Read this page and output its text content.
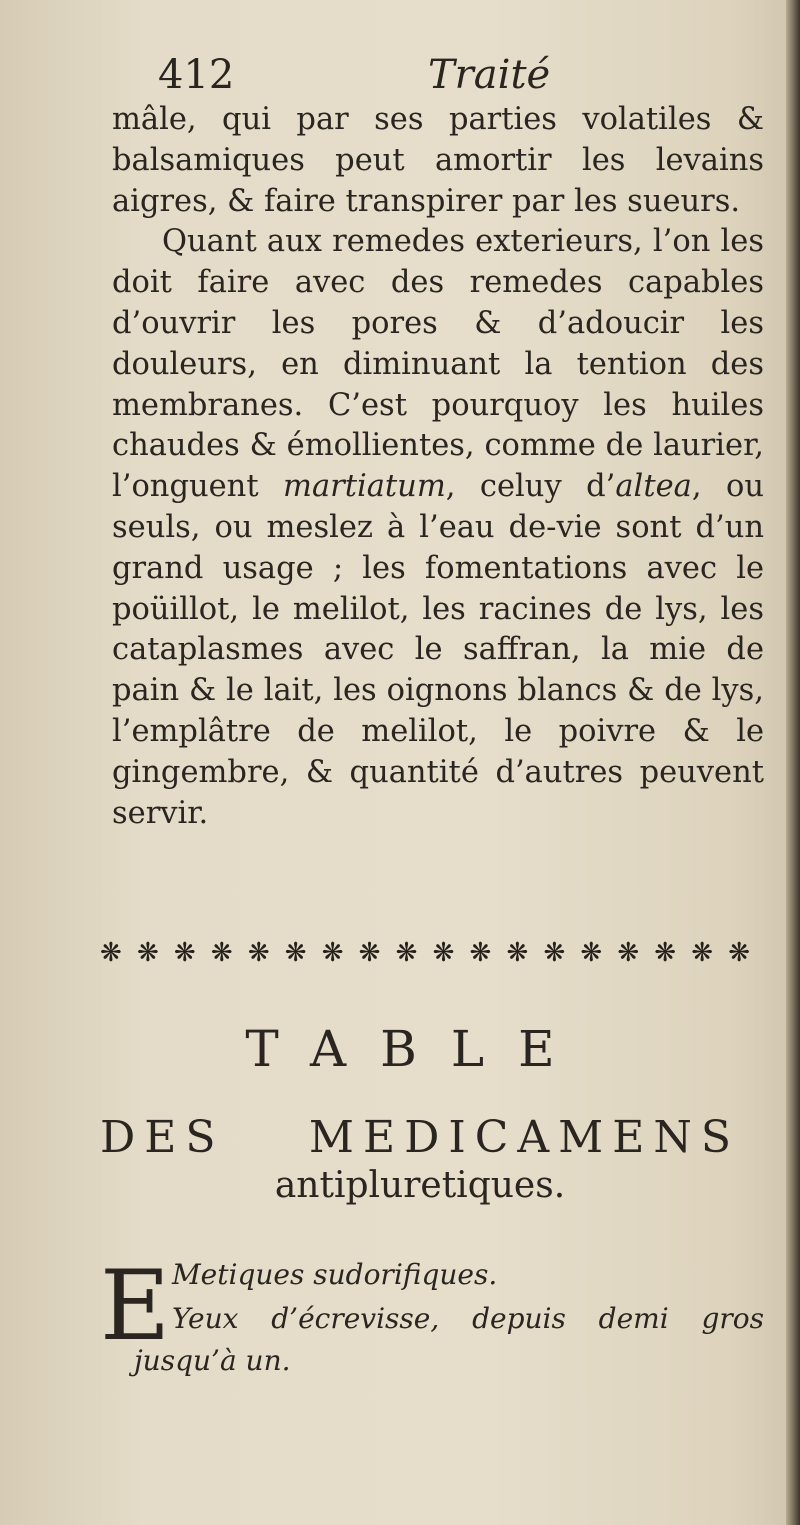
412	Traité

mâle, qui par ses parties volatiles & balsamiques peut amortir les levains aigres, & faire transpirer par les sueurs.

Quant aux remedes exterieurs, l’on les doit faire avec des remedes capables d’ouvrir les pores & d’adoucir les douleurs, en diminuant la tention des membranes. C’est pourquoy les huiles chaudes & émollientes, comme de laurier, l’onguent martiatum, celuy d’altea, ou seuls, ou meslez à l’eau de-vie sont d’un grand usage ; les fomentations avec le poüillot, le melilot, les racines de lys, les cataplasmes avec le saffran, la mie de pain & le lait, les oignons blancs & de lys, l’emplâtre de melilot, le poivre & le gingembre, & quantité d’autres peuvent servir.

❋ ❋ ❋ ❋ ❋ ❋ ❋ ❋ ❋ ❋ ❋ ❋ ❋ ❋ ❋ ❋ ❋ ❋
TABLE
DES MEDICAMENS
antipluretiques.
E Metiques sudorifiques.
Yeux d’écrevisse, depuis demi gros jusqu’à un.
